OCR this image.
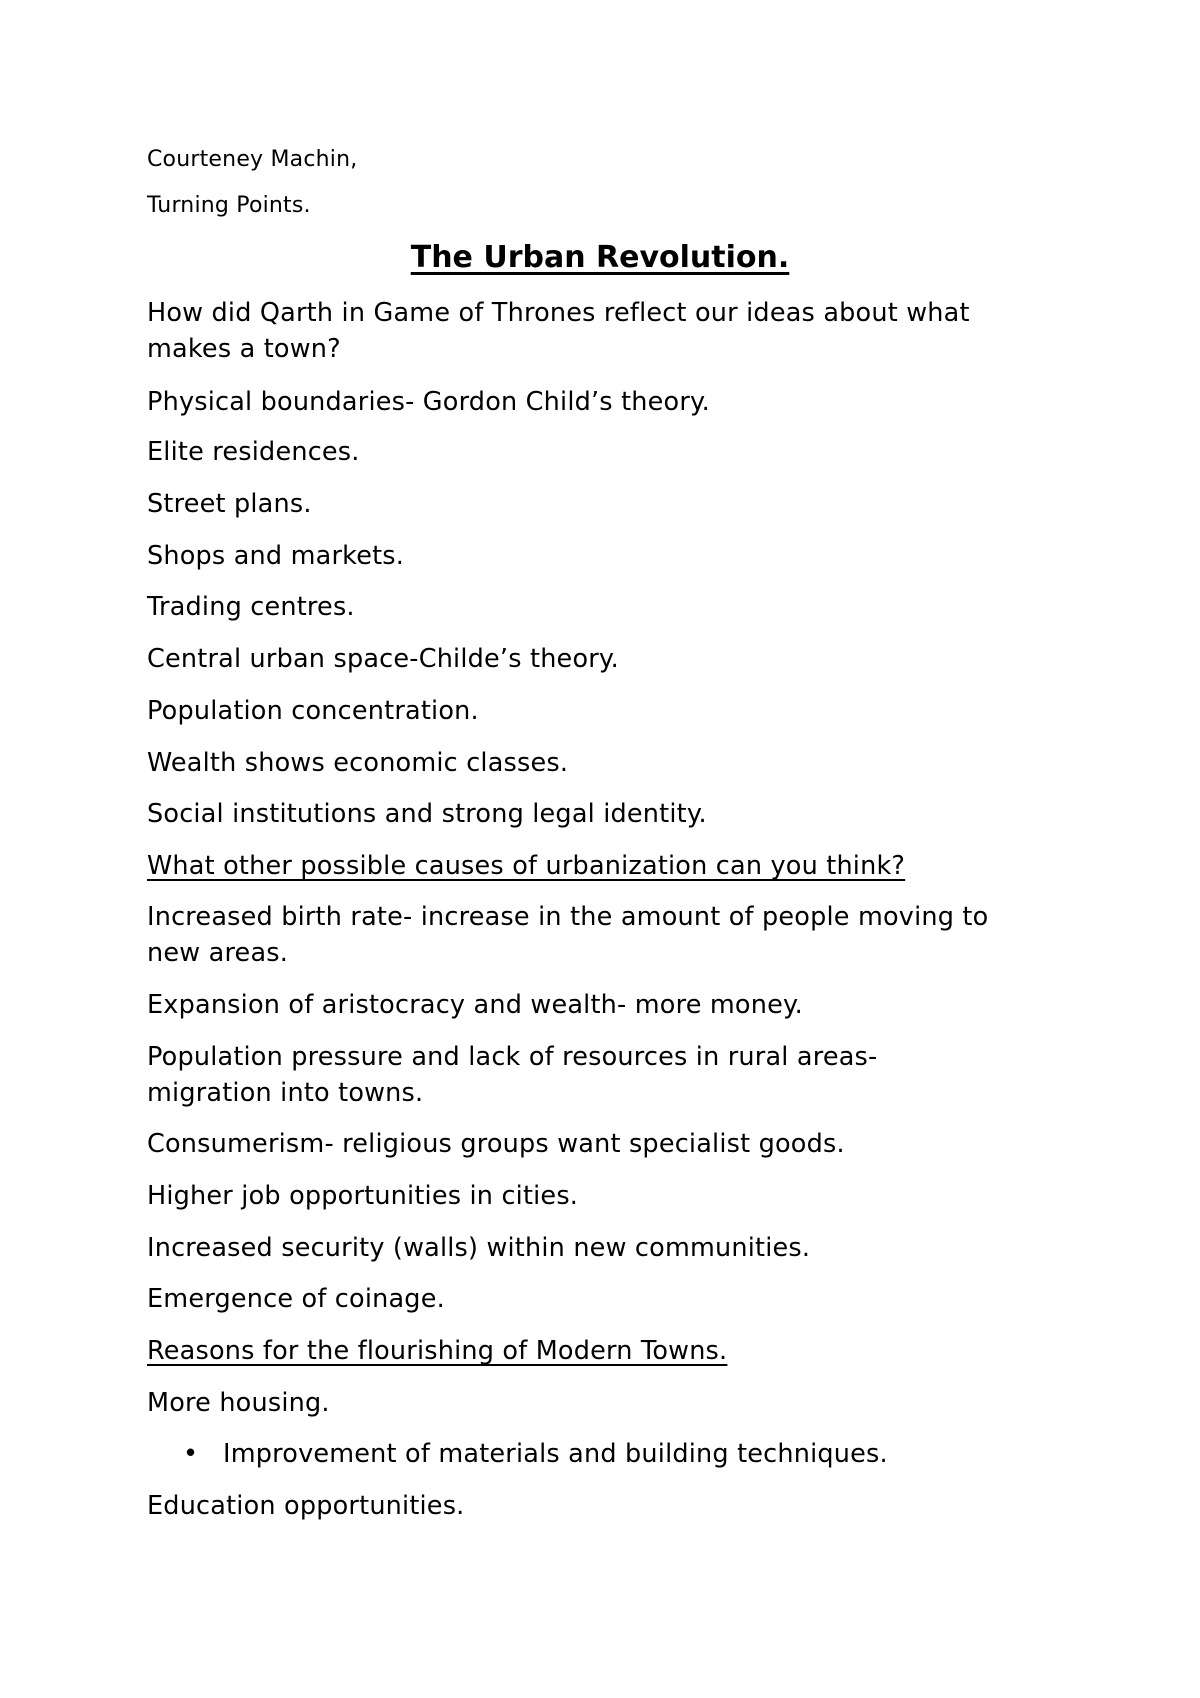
Courteney Machin,
Turning Points.
The Urban Revolution.
How did Qarth in Game of Thrones reflect our ideas about what makes a town?
Physical boundaries- Gordon Child’s theory.
Elite residences.
Street plans.
Shops and markets.
Trading centres.
Central urban space-Childe’s theory.
Population concentration.
Wealth shows economic classes.
Social institutions and strong legal identity.
What other possible causes of urbanization can you think?
Increased birth rate- increase in the amount of people moving to new areas.
Expansion of aristocracy and wealth- more money.
Population pressure and lack of resources in rural areas- migration into towns.
Consumerism- religious groups want specialist goods.
Higher job opportunities in cities.
Increased security (walls) within new communities.
Emergence of coinage.
Reasons for the flourishing of Modern Towns.
More housing.
• Improvement of materials and building techniques.
Education opportunities.
